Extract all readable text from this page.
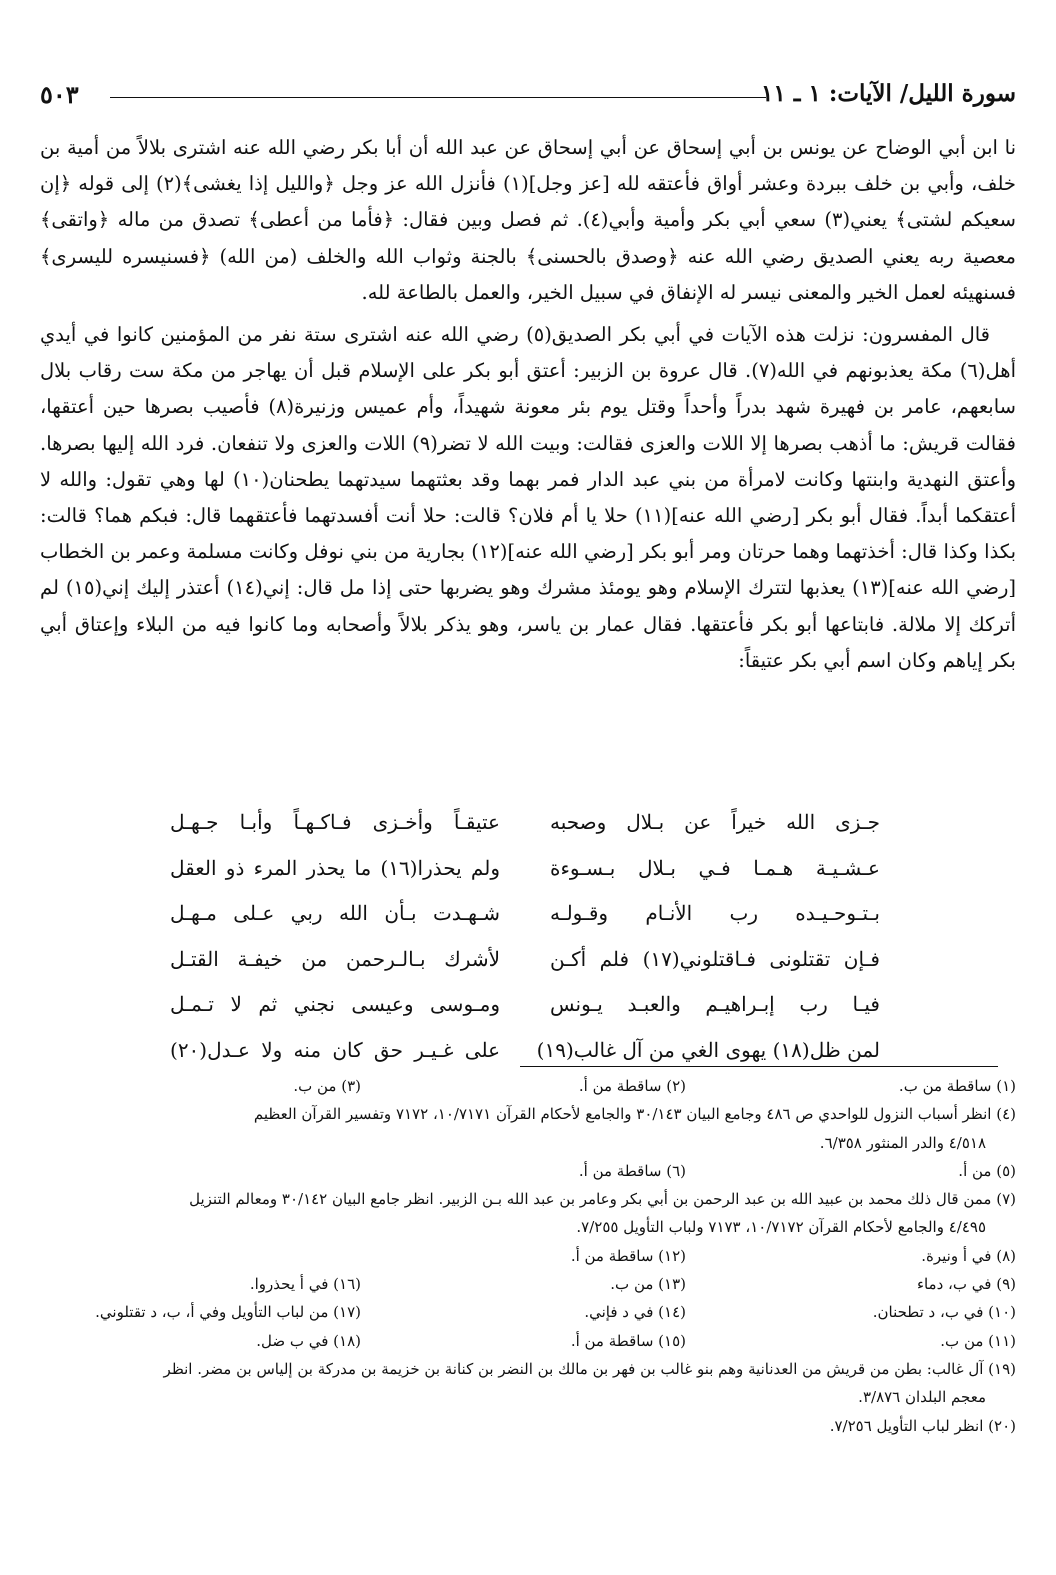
سورة الليل/ الآيات: ١ ـ ١١
٥٠٣

نا ابن أبي الوضاح عن يونس بن أبي إسحاق عن أبي إسحاق عن عبد الله أن أبا بكر رضي الله عنه اشترى بلالاً من أمية بن خلف، وأبي بن خلف ببردة وعشر أواق فأعتقه لله [عز وجل](١) فأنزل الله عز وجل ﴿والليل إذا يغشى﴾(٢) إلى قوله ﴿إن سعيكم لشتى﴾ يعني(٣) سعي أبي بكر وأمية وأبي(٤). ثم فصل وبين فقال: ﴿فأما من أعطى﴾ تصدق من ماله ﴿واتقى﴾ معصية ربه يعني الصديق رضي الله عنه ﴿وصدق بالحسنى﴾ بالجنة وثواب الله والخلف (من الله) ﴿فسنيسره لليسرى﴾ فسنهيئه لعمل الخير والمعنى نيسر له الإنفاق في سبيل الخير، والعمل بالطاعة لله.

قال المفسرون: نزلت هذه الآيات في أبي بكر الصديق(٥) رضي الله عنه اشترى ستة نفر من المؤمنين كانوا في أيدي أهل(٦) مكة يعذبونهم في الله(٧). قال عروة بن الزبير: أعتق أبو بكر على الإسلام قبل أن يهاجر من مكة ست رقاب بلال سابعهم، عامر بن فهيرة شهد بدراً وأحداً وقتل يوم بئر معونة شهيداً، وأم عميس وزنيرة(٨) فأصيب بصرها حين أعتقها، فقالت قريش: ما أذهب بصرها إلا اللات والعزى فقالت: وبيت الله لا تضر(٩) اللات والعزى ولا تنفعان. فرد الله إليها بصرها. وأعتق النهدية وابنتها وكانت لامرأة من بني عبد الدار فمر بهما وقد بعثتهما سيدتهما يطحنان(١٠) لها وهي تقول: والله لا أعتقكما أبداً. فقال أبو بكر [رضي الله عنه](١١) حلا يا أم فلان؟ قالت: حلا أنت أفسدتهما فأعتقهما قال: فبكم هما؟ قالت: بكذا وكذا قال: أخذتهما وهما حرتان ومر أبو بكر [رضي الله عنه](١٢) بجارية من بني نوفل وكانت مسلمة وعمر بن الخطاب [رضي الله عنه](١٣) يعذبها لتترك الإسلام وهو يومئذ مشرك وهو يضربها حتى إذا مل قال: إني(١٤) أعتذر إليك إني(١٥) لم أتركك إلا ملالة. فابتاعها أبو بكر فأعتقها. فقال عمار بن ياسر، وهو يذكر بلالاً وأصحابه وما كانوا فيه من البلاء وإعتاق أبي بكر إياهم وكان اسم أبي بكر عتيقاً:

جـزى الله خيراً عن بـلال وصحبه
عتيقـاً وأخـزى فـاكـهـاً وأبـا جـهـل
عـشـيـة هـمـا فـي بـلال بـسـوءة
ولم يحذرا(١٦) ما يحذر المرء ذو العقل
بـتـوحـيـده رب الأنـام وقـولـه
شـهـدت بـأن الله ربي عـلى مـهـل
فـإن تقتلونى فـاقتلوني(١٧) فلم أكـن
لأشرك بـالـرحمن من خيفـة القتـل
فيـا رب إبـراهيـم والعبـد يـونس
ومـوسى وعيسى نجني ثم لا تـمـل
لمن ظل(١٨) يهوى الغي من آل غالب(١٩)
على غـيـر حق كان منه ولا عـدل(٢٠)
(١) ساقطة من ب.
(٢) ساقطة من أ.
(٣) من ب.
(٤) انظر أسباب النزول للواحدي ص ٤٨٦ وجامع البيان ٣٠/١٤٣ والجامع لأحكام القرآن ١٠/٧١٧١، ٧١٧٢ وتفسير القرآن العظيم
٤/٥١٨ والدر المنثور ٦/٣٥٨.
(٥) من أ.
(٦) ساقطة من أ.
(٧) ممن قال ذلك محمد بن عبيد الله بن عبد الرحمن بن أبي بكر وعامر بن عبد الله بـن الزبير. انظر جامع البيان ٣٠/١٤٢ ومعالم التنزيل
٤/٤٩٥ والجامع لأحكام القرآن ١٠/٧١٧٢، ٧١٧٣ ولباب التأويل ٧/٢٥٥.
(٨) في أ ونيرة.
(١٢) ساقطة من أ.
(٩) في ب، دماء
(١٣) من ب.
(١٦) في أ يحذروا.
(١٠) في ب، د تطحنان.
(١٤) في د فإني.
(١٧) من لباب التأويل وفي أ، ب، د تقتلوني.
(١١) من ب.
(١٥) ساقطة من أ.
(١٨) في ب ضل.
(١٩) آل غالب: بطن من قريش من العدنانية وهم بنو غالب بن فهر بن مالك بن النضر بن كنانة بن خزيمة بن مدركة بن إلياس بن مضر. انظر
معجم البلدان ٣/٨٧٦.
(٢٠) انظر لباب التأويل ٧/٢٥٦.
